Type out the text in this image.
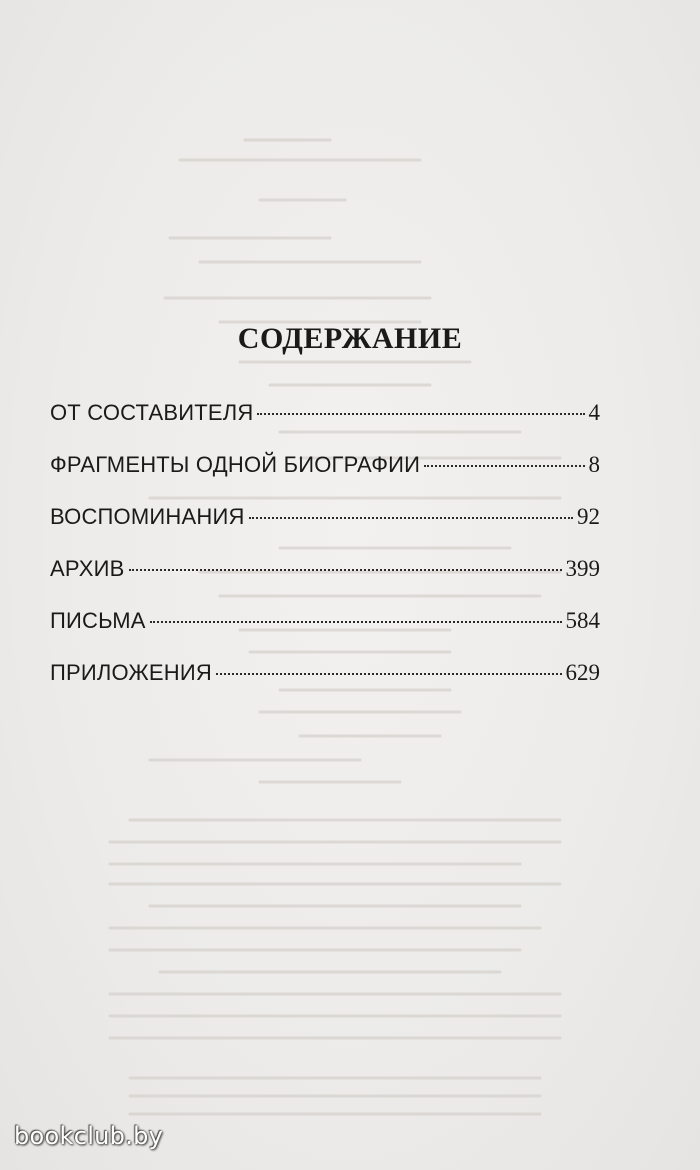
СОДЕРЖАНИЕ
ОТ СОСТАВИТЕЛЯ	4
ФРАГМЕНТЫ ОДНОЙ БИОГРАФИИ	8
ВОСПОМИНАНИЯ	92
АРХИВ	399
ПИСЬМА	584
ПРИЛОЖЕНИЯ	629
bookclub.by
